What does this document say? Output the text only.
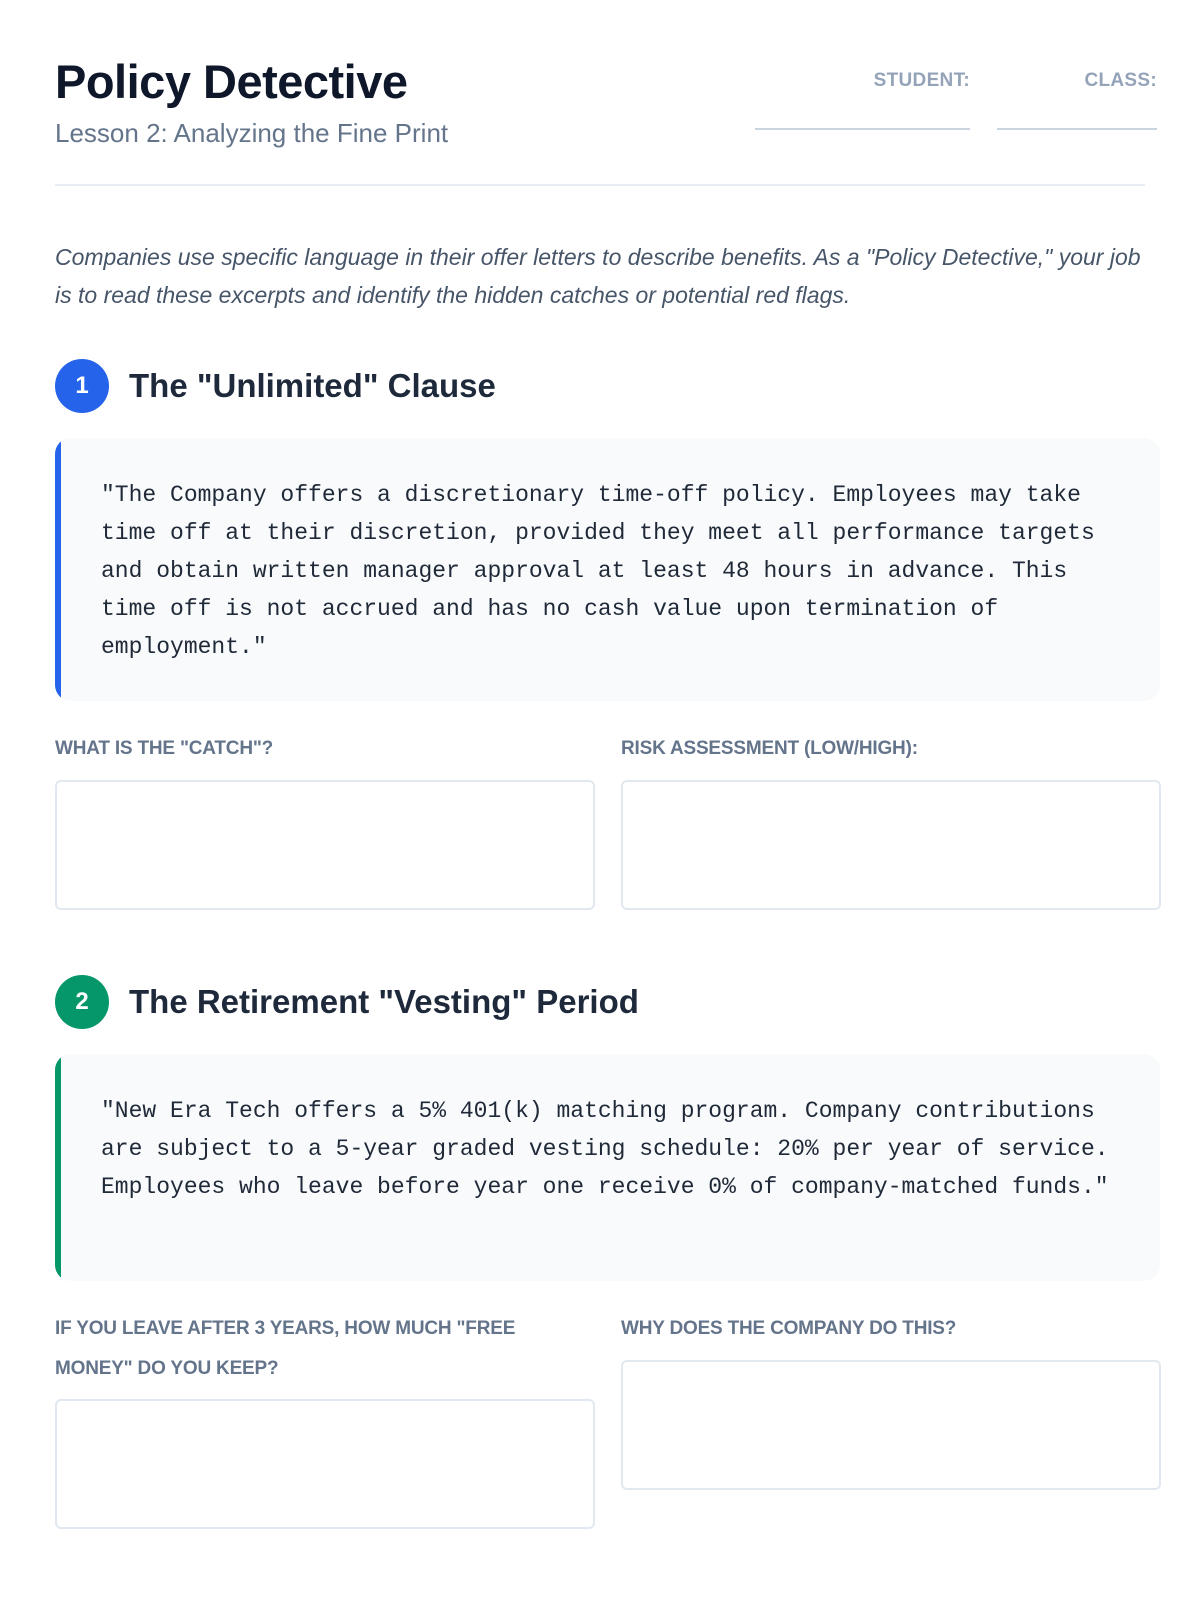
Policy Detective

Lesson 2: Analyzing the Fine Print

STUDENT:	CLASS:

Companies use specific language in their offer letters to describe benefits. As a "Policy Detective," your job is to read these excerpts and identify the hidden catches or potential red flags.

1	The "Unlimited" Clause
"The Company offers a discretionary time-off policy. Employees may take time off at their discretion, provided they meet all performance targets and obtain written manager approval at least 48 hours in advance. This time off is not accrued and has no cash value upon termination of employment."

WHAT IS THE "CATCH"?	RISK ASSESSMENT (LOW/HIGH):

2	The Retirement "Vesting" Period
"New Era Tech offers a 5% 401(k) matching program. Company contributions are subject to a 5-year graded vesting schedule: 20% per year of service. Employees who leave before year one receive 0% of company-matched funds."

IF YOU LEAVE AFTER 3 YEARS, HOW MUCH "FREE MONEY" DO YOU KEEP?

WHY DOES THE COMPANY DO THIS?
